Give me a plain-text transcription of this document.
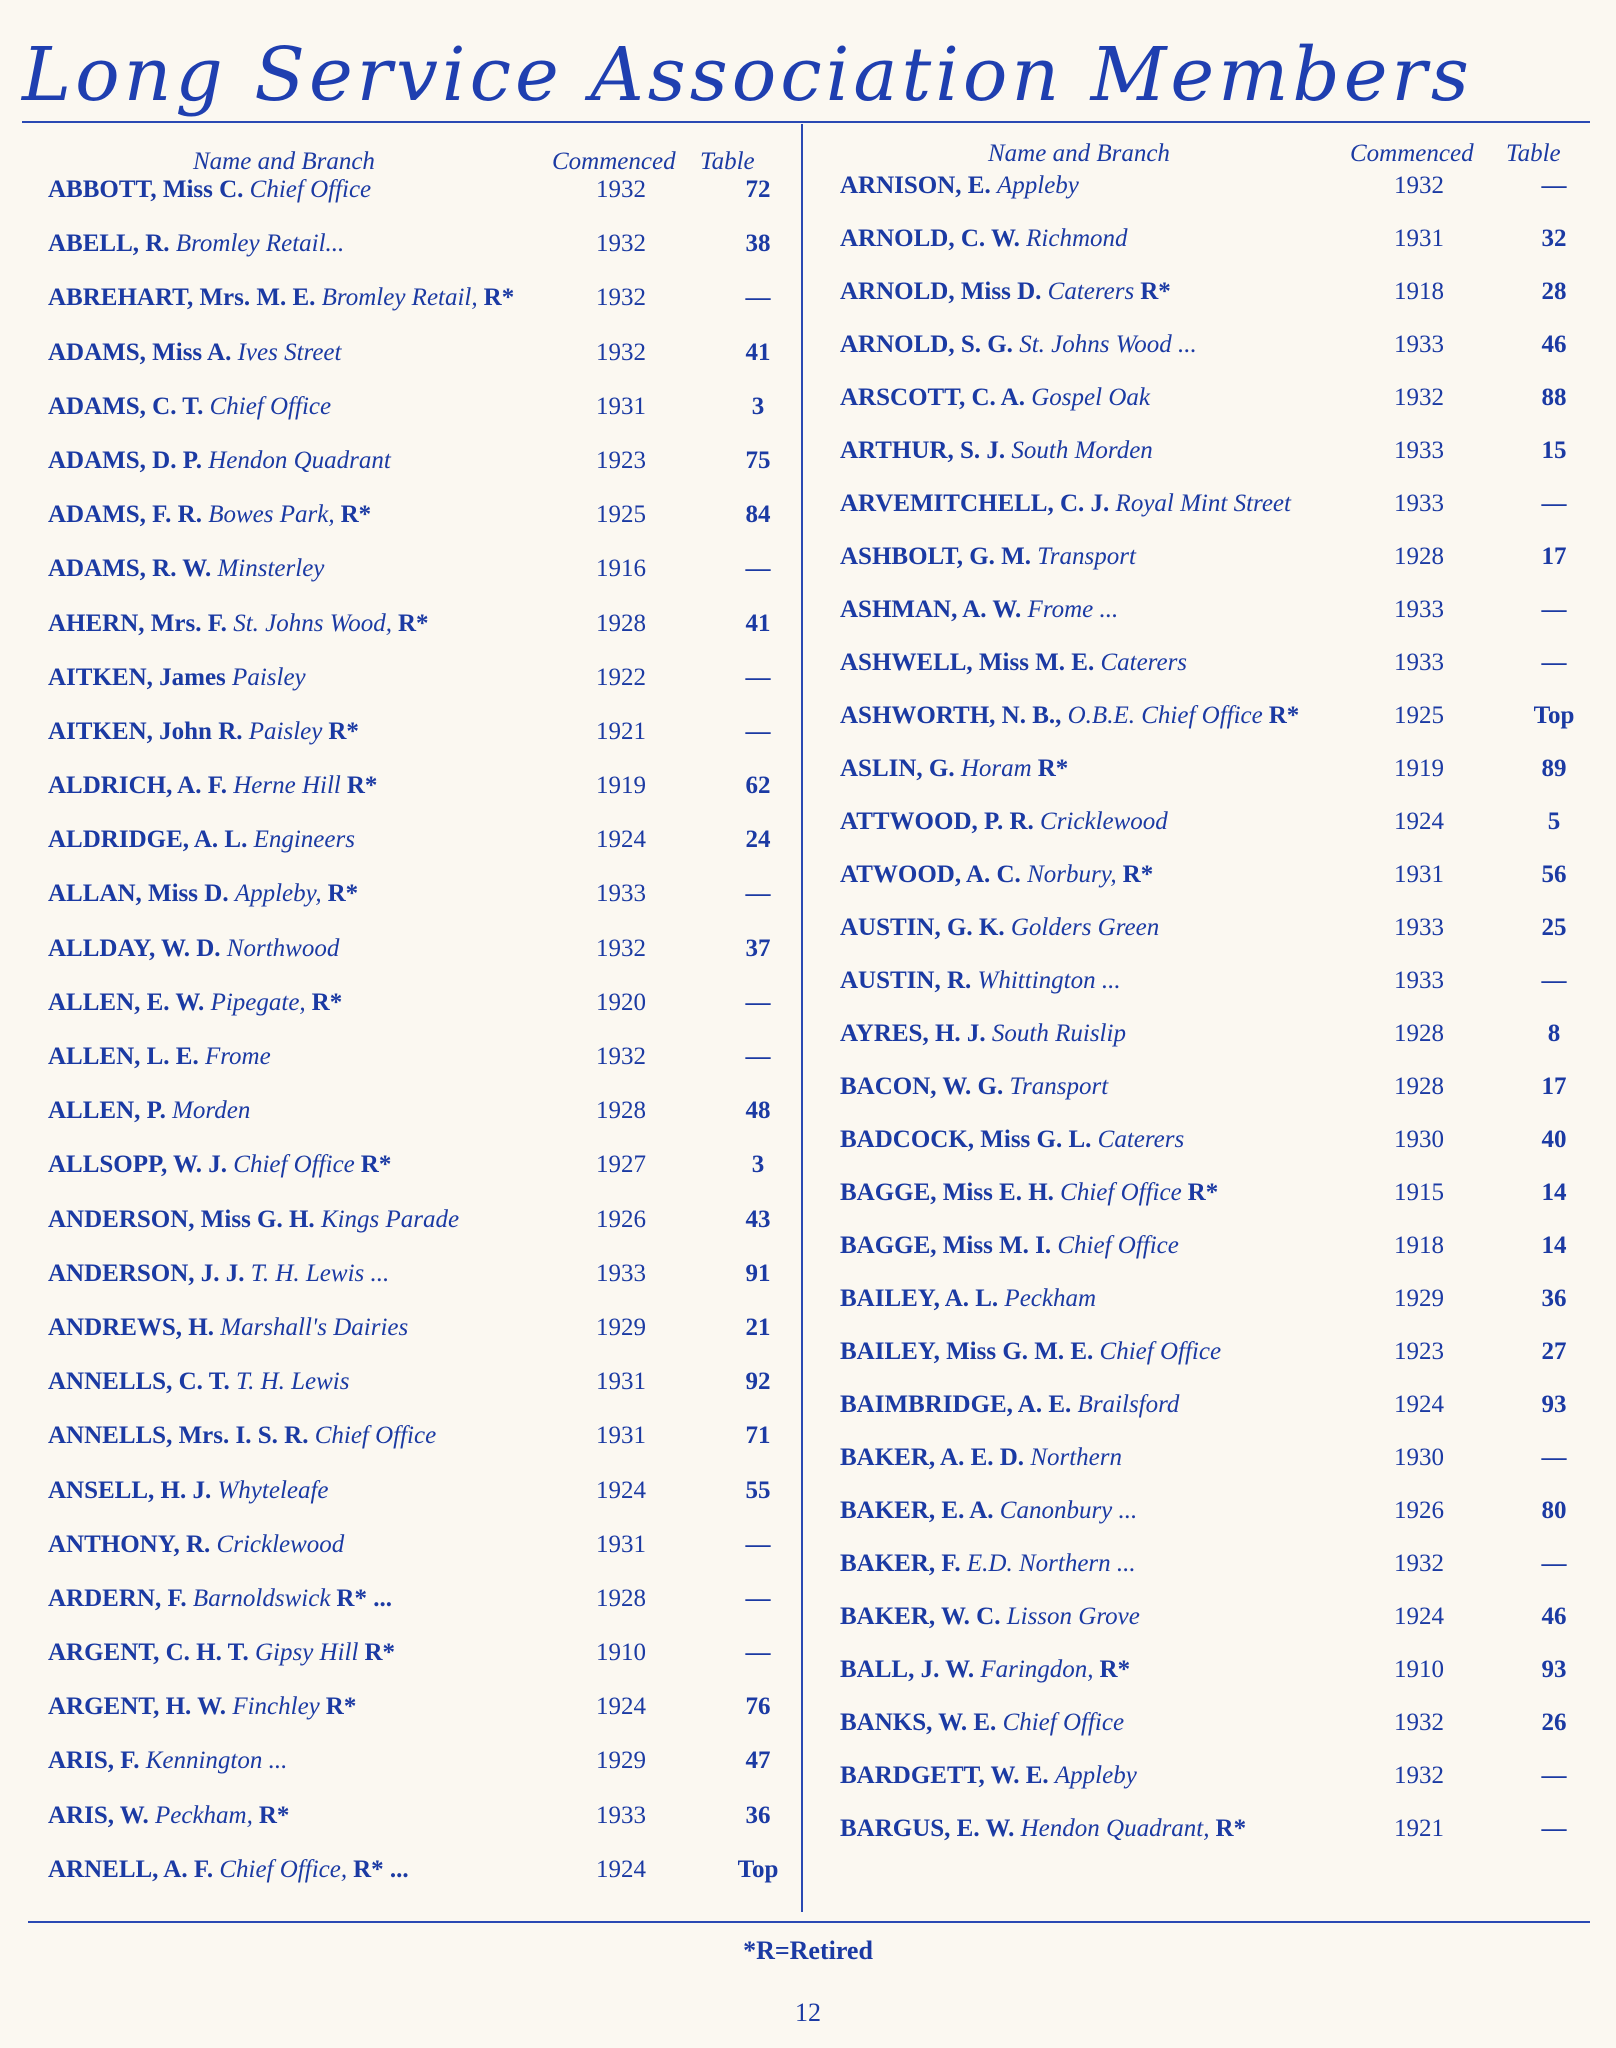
Long Service Association Members
Name and Branch	Commenced Table
ABBOTT, Miss C. Chief Office	1932	72
ABELL, R. Bromley Retail...	1932	38
ABREHART, Mrs. M. E. Bromley Retail, R*	1932	—
ADAMS, Miss A. Ives Street	1932	41
ADAMS, C. T. Chief Office	1931	3
ADAMS, D. P. Hendon Quadrant	1923	75
ADAMS, F. R. Bowes Park, R*	1925	84
ADAMS, R. W. Minsterley	1916	—
AHERN, Mrs. F. St. Johns Wood, R*	1928	41
AITKEN, James Paisley	1922	—
AITKEN, John R. Paisley R*	1921	—
ALDRICH, A. F. Herne Hill R*	1919	62
ALDRIDGE, A. L. Engineers	1924	24
ALLAN, Miss D. Appleby, R*	1933	—
ALLDAY, W. D. Northwood	1932	37
ALLEN, E. W. Pipegate, R*	1920	—
ALLEN, L. E. Frome	1932	—
ALLEN, P. Morden	1928	48
ALLSOPP, W. J. Chief Office R*	1927	3
ANDERSON, Miss G. H. Kings Parade	1926	43
ANDERSON, J. J. T. H. Lewis ...	1933	91
ANDREWS, H. Marshall's Dairies	1929	21
ANNELLS, C. T. T. H. Lewis	1931	92
ANNELLS, Mrs. I. S. R. Chief Office	1931	71
ANSELL, H. J. Whyteleafe	1924	55
ANTHONY, R. Cricklewood	1931	—
ARDERN, F. Barnoldswick R* ...	1928	—
ARGENT, C. H. T. Gipsy Hill R*	1910	—
ARGENT, H. W. Finchley R*	1924	76
ARIS, F. Kennington ...	1929	47
ARIS, W. Peckham, R*	1933	36
ARNELL, A. F. Chief Office, R* ...	1924	Top
Name and Branch	Commenced Table
ARNISON, E. Appleby	1932	—
ARNOLD, C. W. Richmond	1931	32
ARNOLD, Miss D. Caterers R*	1918	28
ARNOLD, S. G. St. Johns Wood ...	1933	46
ARSCOTT, C. A. Gospel Oak	1932	88
ARTHUR, S. J. South Morden	1933	15
ARVEMITCHELL, C. J. Royal Mint Street	1933	—
ASHBOLT, G. M. Transport	1928	17
ASHMAN, A. W. Frome ...	1933	—
ASHWELL, Miss M. E. Caterers	1933	—
ASHWORTH, N. B., O.B.E. Chief Office R*	1925	Top
ASLIN, G. Horam R*	1919	89
ATTWOOD, P. R. Cricklewood	1924	5
ATWOOD, A. C. Norbury, R*	1931	56
AUSTIN, G. K. Golders Green	1933	25
AUSTIN, R. Whittington ...	1933	—
AYRES, H. J. South Ruislip	1928	8
BACON, W. G. Transport	1928	17
BADCOCK, Miss G. L. Caterers	1930	40
BAGGE, Miss E. H. Chief Office R*	1915	14
BAGGE, Miss M. I. Chief Office	1918	14
BAILEY, A. L. Peckham	1929	36
BAILEY, Miss G. M. E. Chief Office	1923	27
BAIMBRIDGE, A. E. Brailsford	1924	93
BAKER, A. E. D. Northern	1930	—
BAKER, E. A. Canonbury ...	1926	80
BAKER, F. E.D. Northern ...	1932	—
BAKER, W. C. Lisson Grove	1924	46
BALL, J. W. Faringdon, R*	1910	93
BANKS, W. E. Chief Office	1932	26
BARDGETT, W. E. Appleby	1932	—
BARGUS, E. W. Hendon Quadrant, R*	1921	—
*R=Retired
12
